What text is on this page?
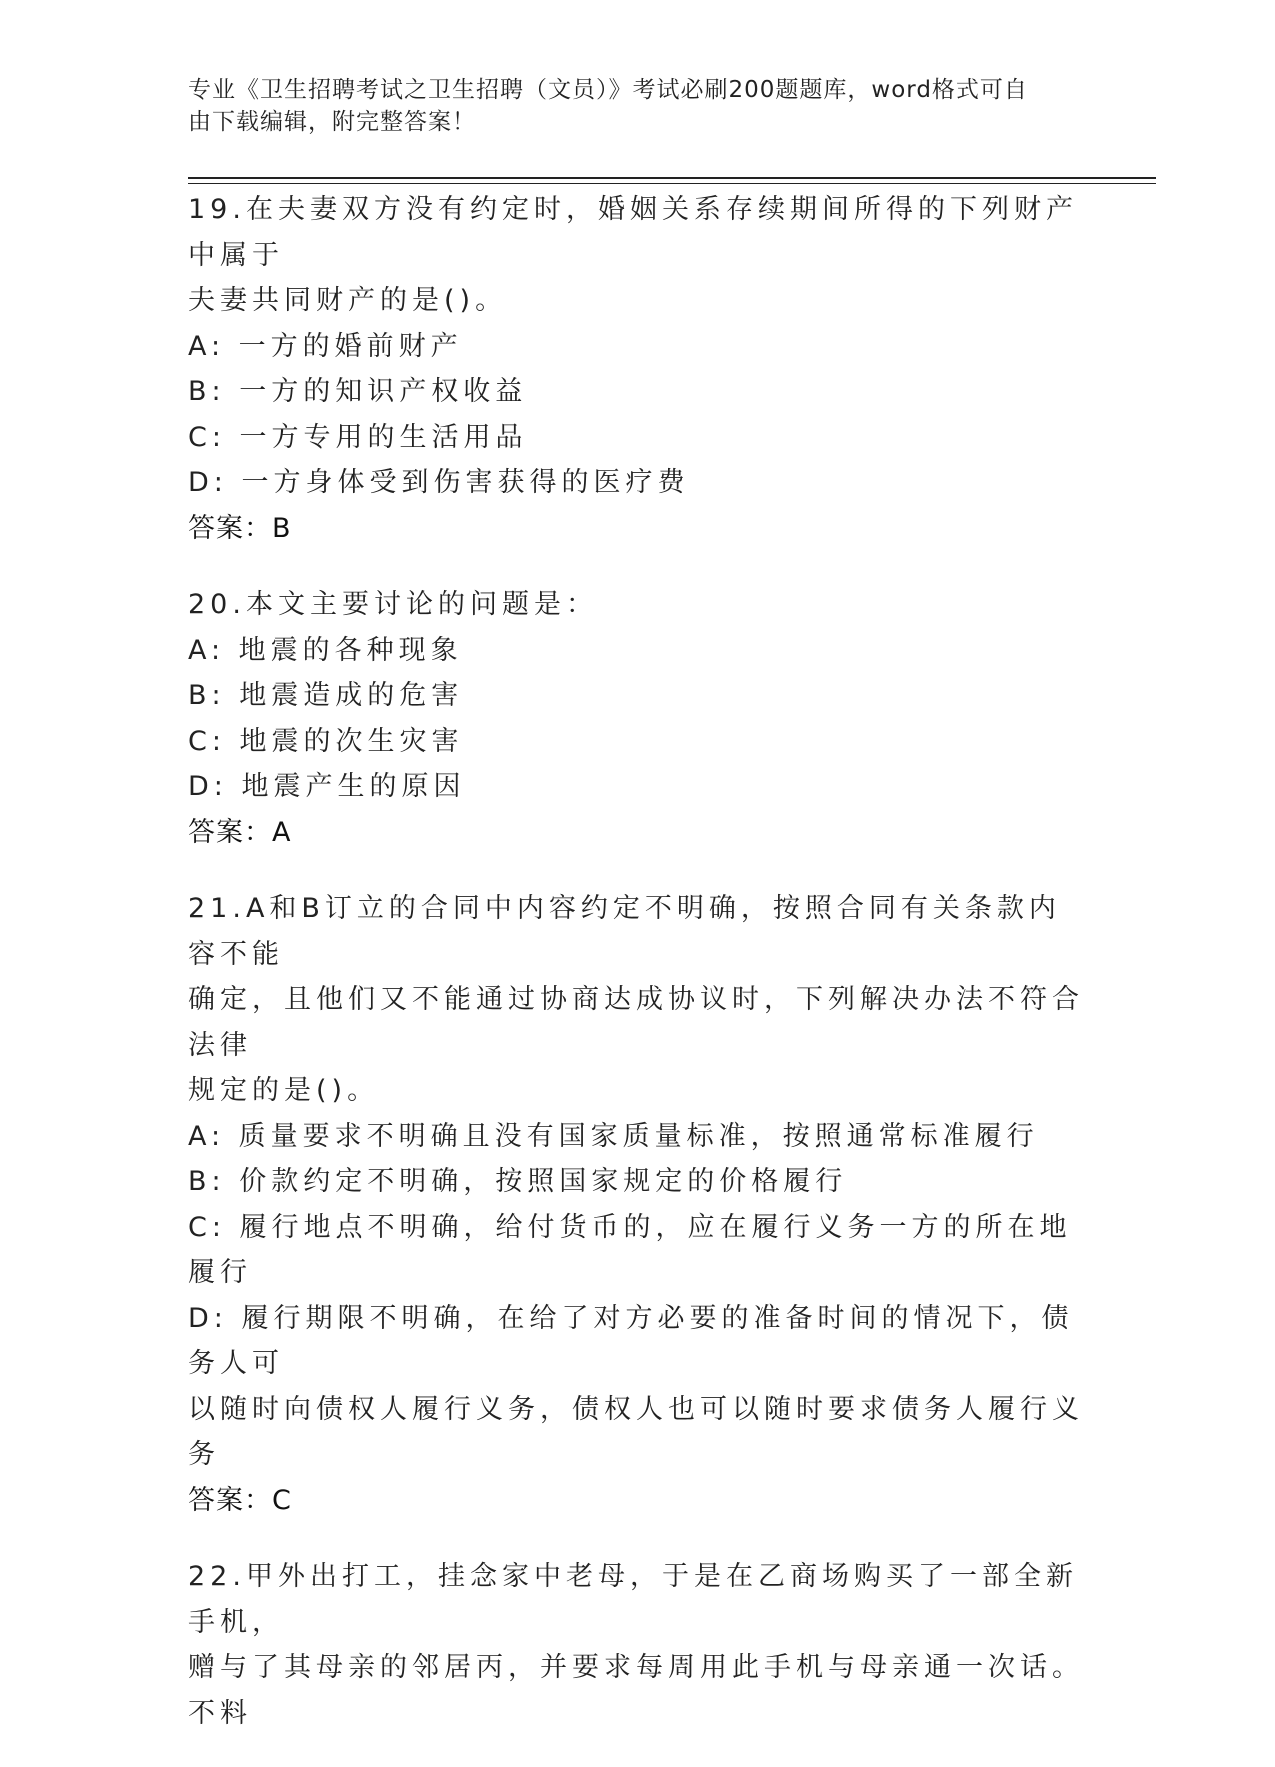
专业《卫生招聘考试之卫生招聘（文员）》考试必刷200题题库，word格式可自
由下载编辑，附完整答案！
19.在夫妻双方没有约定时，婚姻关系存续期间所得的下列财产中属于
夫妻共同财产的是()。
A: 一方的婚前财产
B: 一方的知识产权收益
C: 一方专用的生活用品
D: 一方身体受到伤害获得的医疗费
答案：B
20.本文主要讨论的问题是：
A: 地震的各种现象
B: 地震造成的危害
C: 地震的次生灾害
D: 地震产生的原因
答案：A
21.A和B订立的合同中内容约定不明确，按照合同有关条款内容不能
确定，且他们又不能通过协商达成协议时，下列解决办法不符合法律
规定的是()。
A: 质量要求不明确且没有国家质量标准，按照通常标准履行
B: 价款约定不明确，按照国家规定的价格履行
C: 履行地点不明确，给付货币的，应在履行义务一方的所在地履行
D: 履行期限不明确，在给了对方必要的准备时间的情况下，债务人可
以随时向债权人履行义务，债权人也可以随时要求债务人履行义务
答案：C
22.甲外出打工，挂念家中老母，于是在乙商场购买了一部全新手机，
赠与了其母亲的邻居丙，并要求每周用此手机与母亲通一次话。不料
